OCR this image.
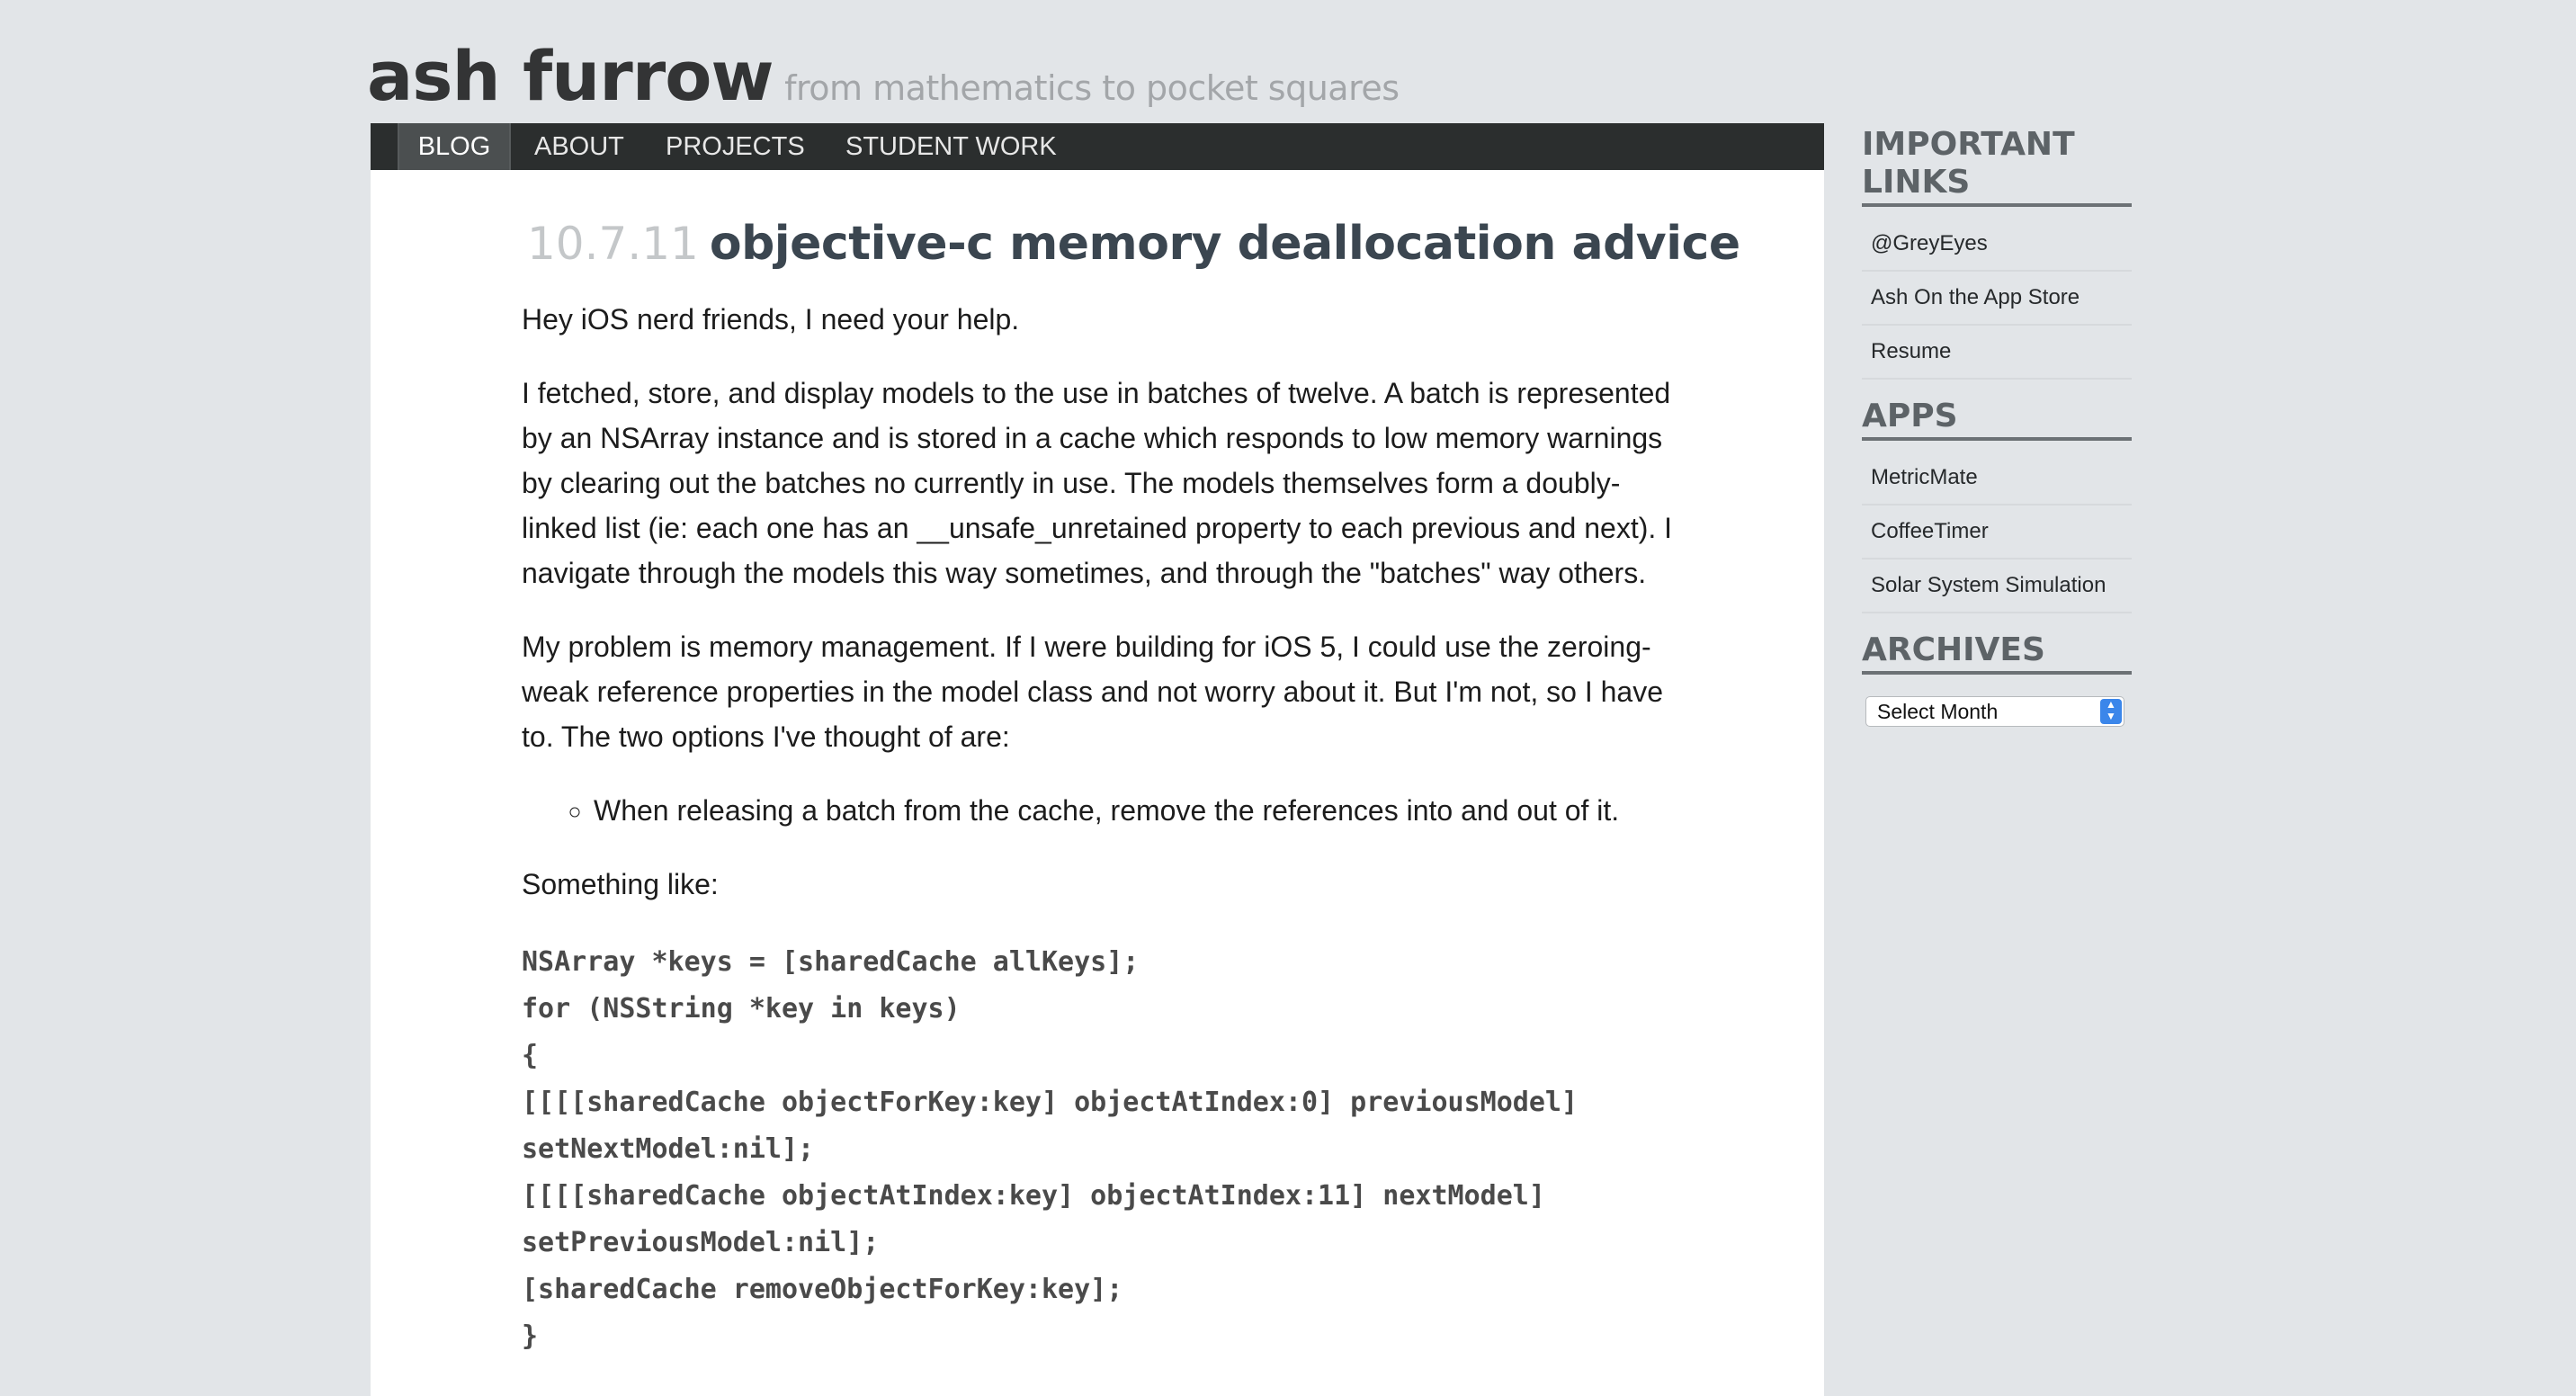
ash furrow from mathematics to pocket squares
BLOG	ABOUT PROJECTS STUDENT WORK
10.7.11 objective-c memory deallocation advice

Hey iOS nerd friends, I need your help.

I fetched, store, and display models to the use in batches of twelve. A batch is represented by an NSArray instance and is stored in a cache which responds to low memory warnings by clearing out the batches no currently in use. The models themselves form a doubly-linked list (ie: each one has an __unsafe_unretained property to each previous and next). I navigate through the models this way sometimes, and through the "batches" way others.

My problem is memory management. If I were building for iOS 5, I could use the zeroing-weak reference properties in the model class and not worry about it. But I'm not, so I have to. The two options I've thought of are:

◦ When releasing a batch from the cache, remove the references into and out of it.

Something like:

NSArray *keys = [sharedCache allKeys];
for (NSString *key in keys)
{
[[[[sharedCache objectForKey:key] objectAtIndex:0] previousModel]
setNextModel:nil];
[[[[sharedCache objectAtIndex:key] objectAtIndex:11] nextModel]
setPreviousModel:nil];
[sharedCache removeObjectForKey:key];
}
IMPORTANT LINKS
@GreyEyes
Ash On the App Store
Resume
APPS
MetricMate
CoffeeTimer
Solar System Simulation
ARCHIVES
Select Month	▲
▼
